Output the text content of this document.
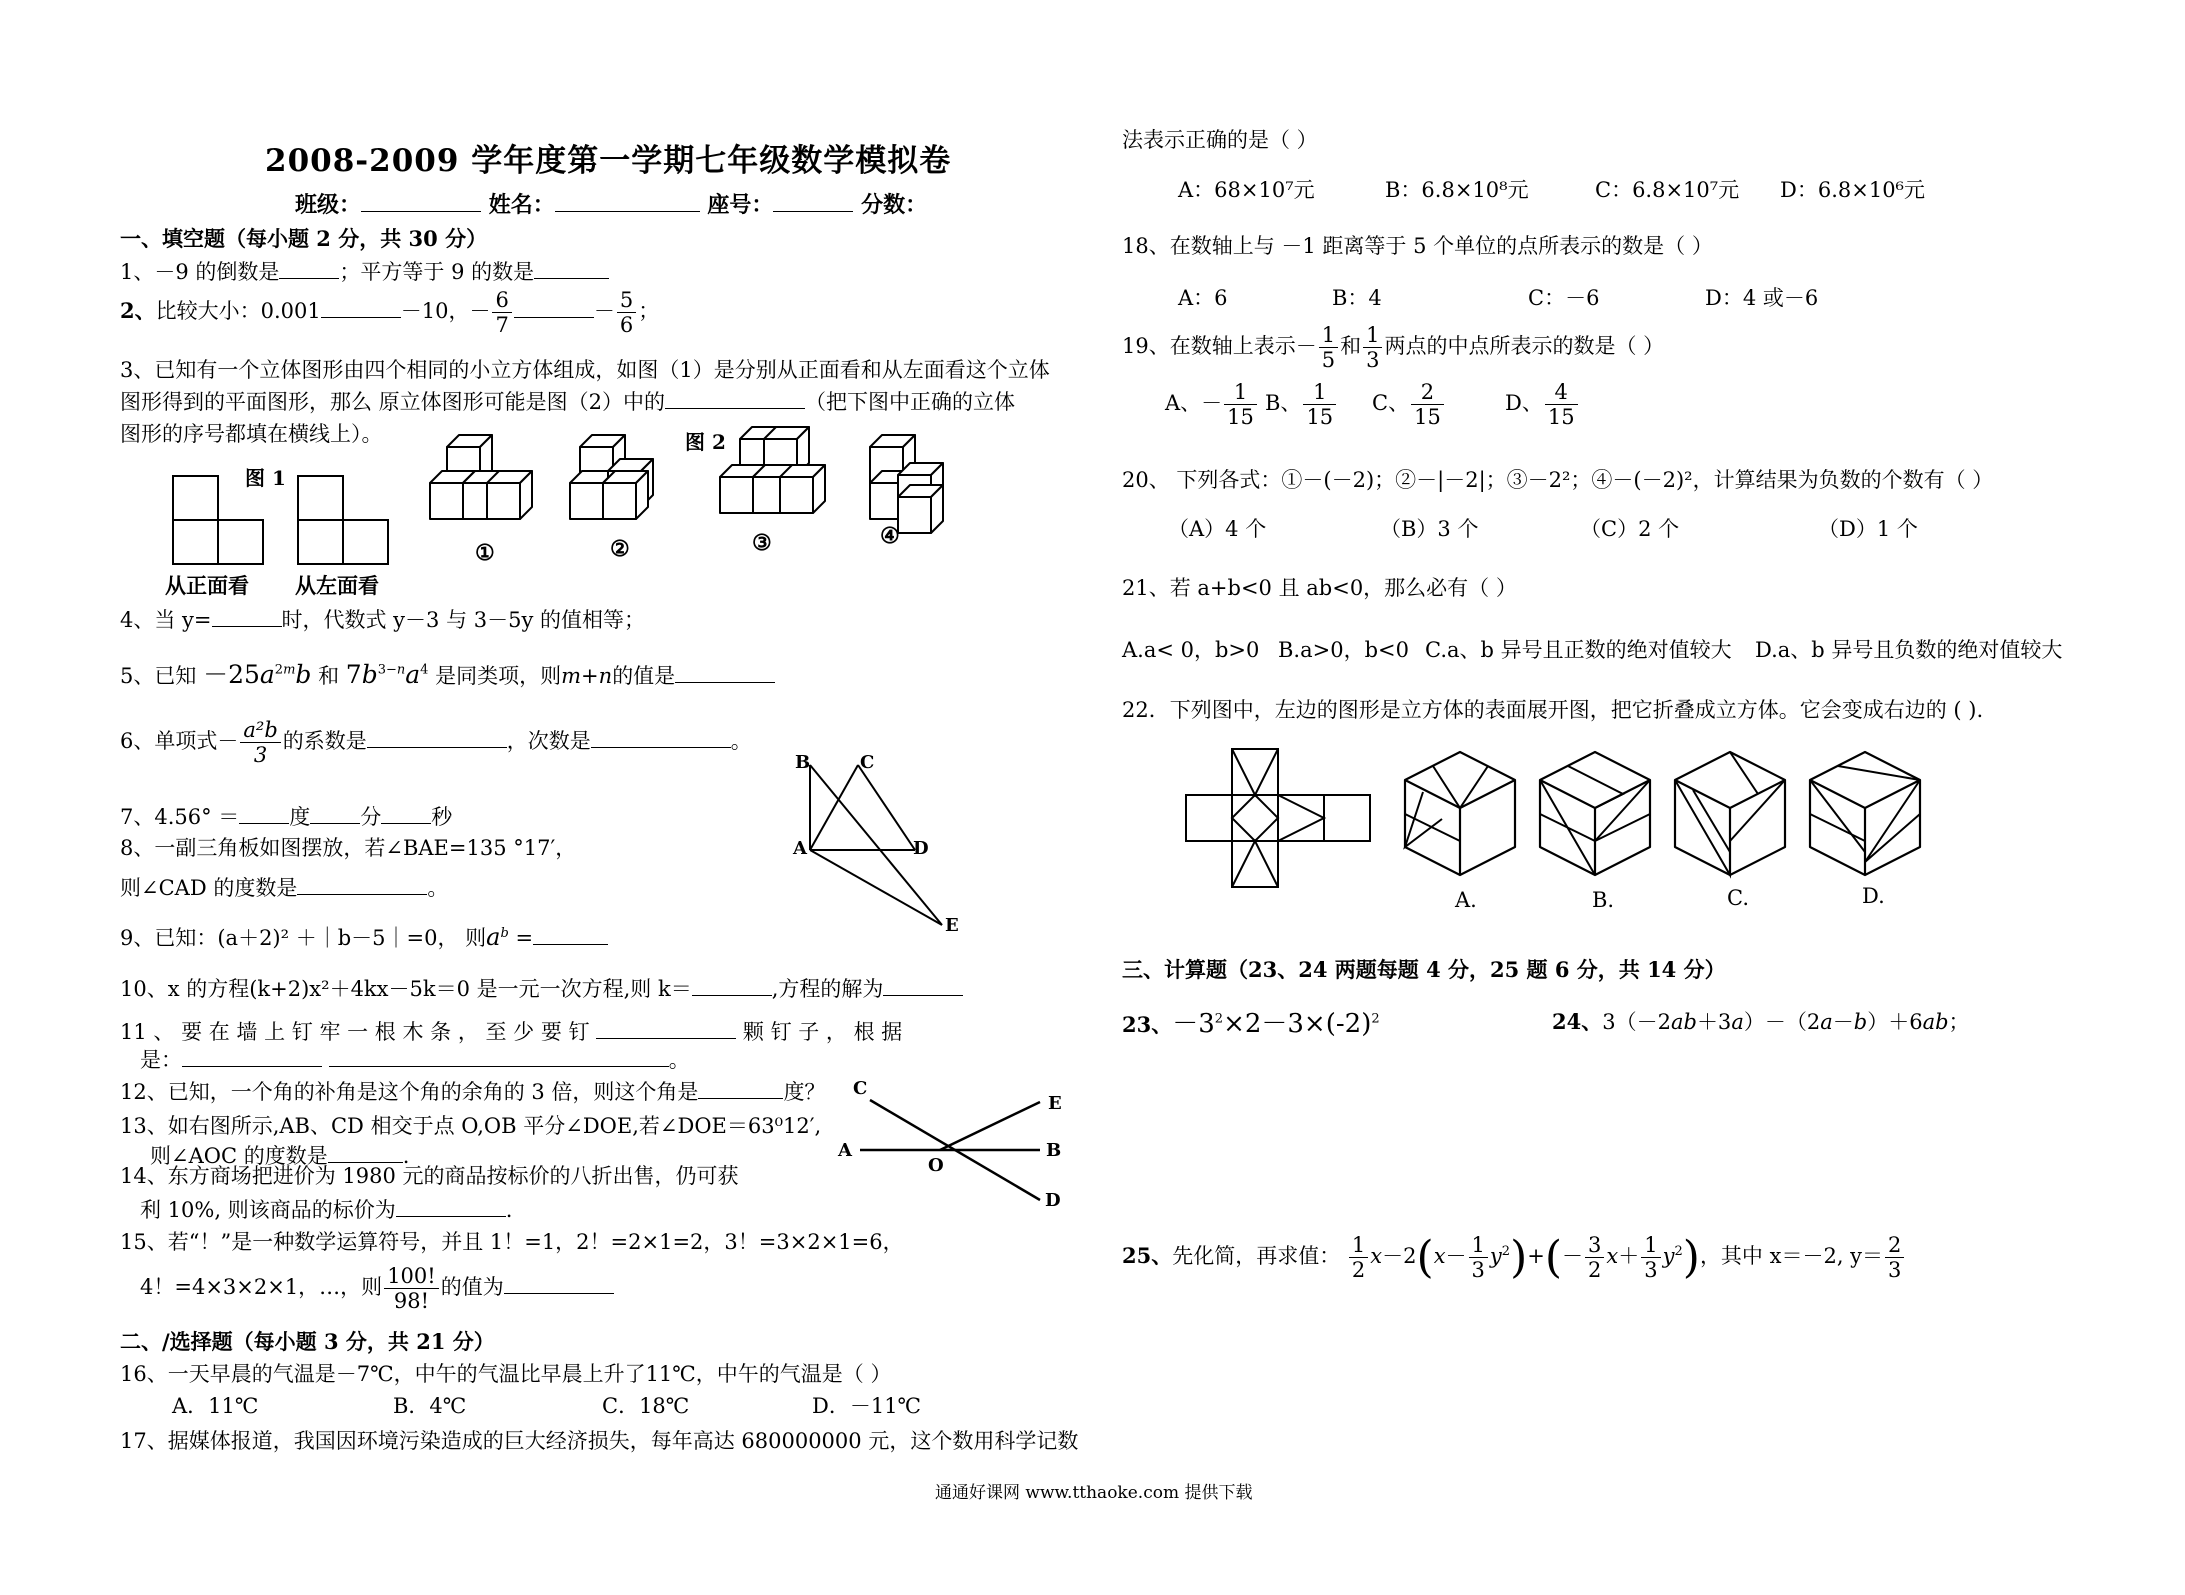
2008-2009 学年度第一学期七年级数学模拟卷
班级：	姓名：	座号：	分数：
一、填空题（每小题 2 分，共 30 分）
1、－9 的倒数是	；平方等于 9 的数是
2、比较大小：0.001	－10，－ $\frac{6}{7}$	－ $\frac{5}{6}$ ；
3、已知有一个立体图形由四个相同的小立方体组成，如图（1）是分别从正面看和从左面看这个立体
图形得到的平面图形，那么 原立体图形可能是图（2）中的	（把下图中正确的立体
图形的序号都填在横线上）。
图 1
从正面看 从左面看
图 2
①	②	③	④
4、当 y=	时，代数式 y－3 与 3－5y 的值相等；
5、已知 $-25a^{2m}b$ 和 $7b^{3-n}a^4$ 是同类项，则m+n的值是
6、单项式－ $\frac{\text{a²b}}{3}$ 的系数是	，次数是	。
7、4.56° ＝ 度 分 秒
8、一副三角板如图摆放，若∠BAE=135 °17′，
则∠CAD 的度数是	。
B	C
A	D
E
9、已知：(a＋2)² ＋｜b－5｜=0， 则$a^b$ =
10、x 的方程(k+2)x²＋4kx－5k＝0 是一元一次方程,则 k＝	,方程的解为
11 、 要 在 墙 上 钉 牢 一 根 木 条 ， 至 少 要 钉	颗 钉 子 ， 根 据
是：	。
12、已知，一个角的补角是这个角的余角的 3 倍，则这个角是	度？
13、如右图所示,AB、CD 相交于点 O,OB 平分∠DOE,若∠DOE＝63⁰12′,
则∠AOC 的度数是	.
C
E
A
O
B
D
14、东方商场把进价为 1980 元的商品按标价的八折出售，仍可获
利 10%, 则该商品的标价为	.
15、若“！”是一种数学运算符号，并且 1！=1，2！=2×1=2，3！=3×2×1=6，
4！=4×3×2×1，…，则 $\frac{100!}{98!}$ 的值为
二、/选择题（每小题 3 分，共 21 分）
16、一天早晨的气温是－7℃，中午的气温比早晨上升了11℃，中午的气温是（ ）
A．11℃	B．4℃	C．18℃	D．－11℃
17、据媒体报道，我国因环境污染造成的巨大经济损失，每年高达 680000000 元，这个数用科学记数
法表示正确的是（ ）
A：68×10⁷元	B：6.8×10⁸元	C：6.8×10⁷元 D：6.8×10⁶元
18、在数轴上与 －1 距离等于 5 个单位的点所表示的数是（ ）
A：6	B：4	C：－6	D：4 或－6
19、在数轴上表示－ $\frac{1}{5}$ 和 $\frac{1}{3}$ 两点的中点所表示的数是（ ）
A、－ $\frac{1}{15}$ B、 $\frac{1}{15}$ C、 $\frac{2}{15}$	D、 $\frac{4}{15}$
20、 下列各式：①－(－2)；②－|－2|；③－2²；④－(－2)²，计算结果为负数的个数有（ ）
（A）4 个	（B）3 个	（C）2 个	（D）1 个
21、若 a+b<0 且 ab<0，那么必有（ ）
A.a< 0，b>0 B.a>0，b<0 C.a、b 异号且正数的绝对值较大 D.a、b 异号且负数的绝对值较大
22．下列图中，左边的图形是立方体的表面展开图，把它折叠成立方体。它会变成右边的 ( ).
A.	B.	C.	D.
三、计算题（23、24 两题每题 4 分，25 题 6 分，共 14 分）
23、$-3^2\times 2-3\times(-2)^2$	24、3（－2ab＋3a）－（2a－b）＋6ab；
25、先化简，再求值： $\frac{1}{2} x-2(x- \frac{1}{3} y^2)+(- \frac{3}{2} x+ \frac{1}{3} y^2)$，其中 x＝－2, $y= \frac{2}{3}$
通通好课网 www.tthaoke.com 提供下载
